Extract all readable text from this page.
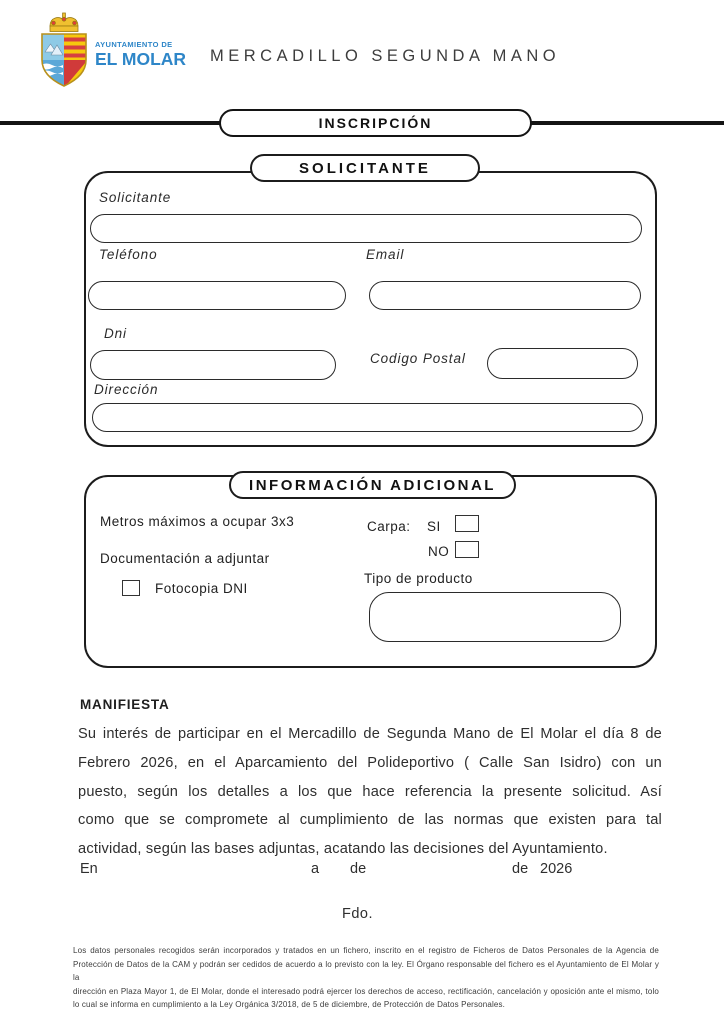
AYUNTAMIENTO DE
EL MOLAR MERCADILLO SEGUNDA MANO
INSCRIPCIÓN
SOLICITANTE
Solicitante
Teléfono	Email
Dni
Codigo Postal
Dirección
INFORMACIÓN ADICIONAL
Metros máximos a ocupar 3x3	Carpa: SI
NO
Documentación a adjuntar
Fotocopia DNI
Tipo de producto
MANIFIESTA
Su interés de participar en el Mercadillo de Segunda Mano de El Molar el día 8 de
Febrero 2026, en el Aparcamiento del Polideportivo ( Calle San Isidro) con un
puesto, según los detalles a los que hace referencia la presente solicitud. Así
como que se compromete al cumplimiento de las normas que existen para tal
actividad, según las bases adjuntas, acatando las decisiones del Ayuntamiento.
En	a de	de 2026
Fdo.
Los datos personales recogidos serán incorporados y tratados en un fichero, inscrito en el registro de Ficheros de Datos Personales de la Agencia de
Protección de Datos de la CAM y podrán ser cedidos de acuerdo a lo previsto con la ley. El Órgano responsable del fichero es el Ayuntamiento de El Molar y la
dirección en Plaza Mayor 1, de El Molar, donde el interesado podrá ejercer los derechos de acceso, rectificación, cancelación y oposición ante el mismo, tolo
lo cual se informa en cumplimiento a la Ley Orgánica 3/2018, de 5 de diciembre, de Protección de Datos Personales.
